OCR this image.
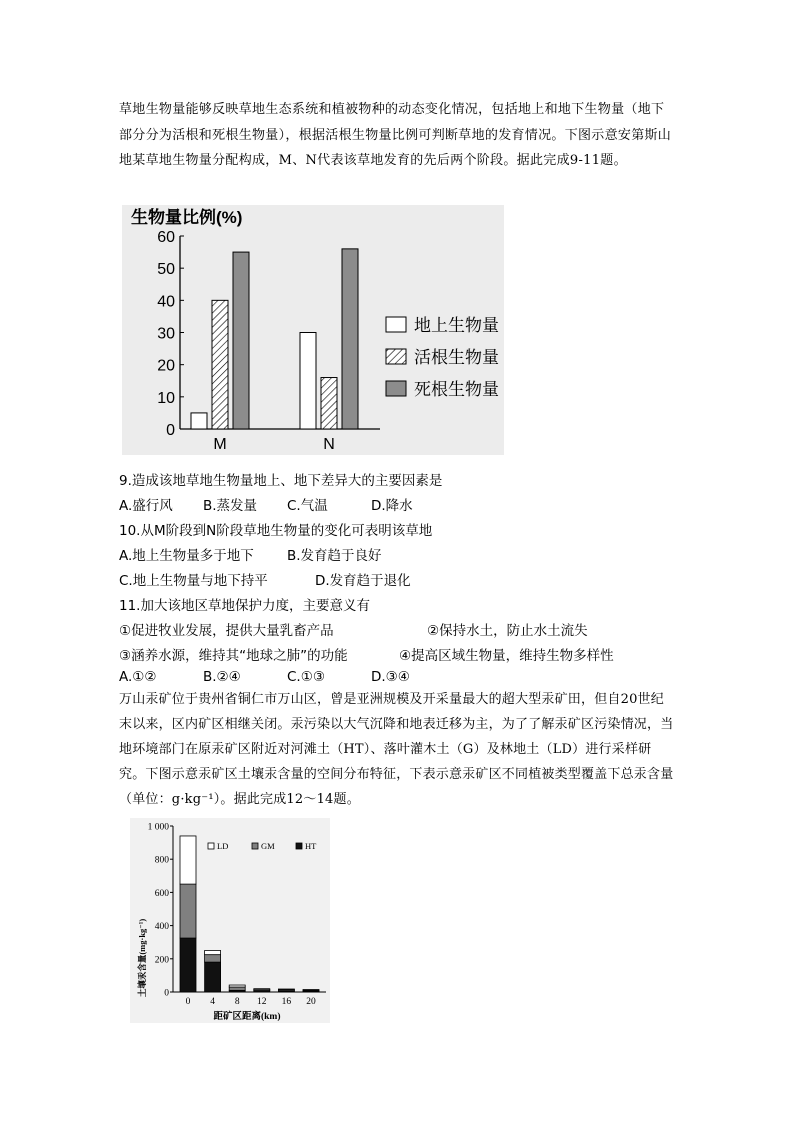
草地生物量能够反映草地生态系统和植被物种的动态变化情况，包括地上和地下生物量（地下部分分为活根和死根生物量），根据活根生物量比例可判断草地的发育情况。下图示意安第斯山地某草地生物量分配构成，M、N代表该草地发育的先后两个阶段。据此完成9-11题。

生物量比例(%)
60
50
40
30
20
10
0
M	N
地上生物量
活根生物量
死根生物量
9.造成该地草地生物量地上、地下差异大的主要因素是
A.盛行风 B.蒸发量 C.气温	D.降水
10.从M阶段到N阶段草地生物量的变化可表明该草地
A.地上生物量多于地下 B.发育趋于良好
C.地上生物量与地下持平	D.发育趋于退化
11.加大该地区草地保护力度，主要意义有
①促进牧业发展，提供大量乳畜产品	②保持水土，防止水土流失
③涵养水源，维持其“地球之肺”的功能	④提高区域生物量，维持生物多样性
A.①②	B.②④	C.①③	D.③④

万山汞矿位于贵州省铜仁市万山区，曾是亚洲规模及开采量最大的超大型汞矿田，但自20世纪末以来，区内矿区相继关闭。汞污染以大气沉降和地表迁移为主，为了了解汞矿区污染情况，当地环境部门在原汞矿区附近对河滩土（HT）、落叶灌木土（G）及林地土（LD）进行采样研究。下图示意汞矿区土壤汞含量的空间分布特征，下表示意汞矿区不同植被类型覆盖下总汞含量（单位：g·kg⁻¹）。据此完成12～14题。

土壤汞含量(mg·kg⁻¹)
距矿区距离(km)
1 000
800
600
400
200
0
0 4 8 12 16 20
LD	GM	HT
